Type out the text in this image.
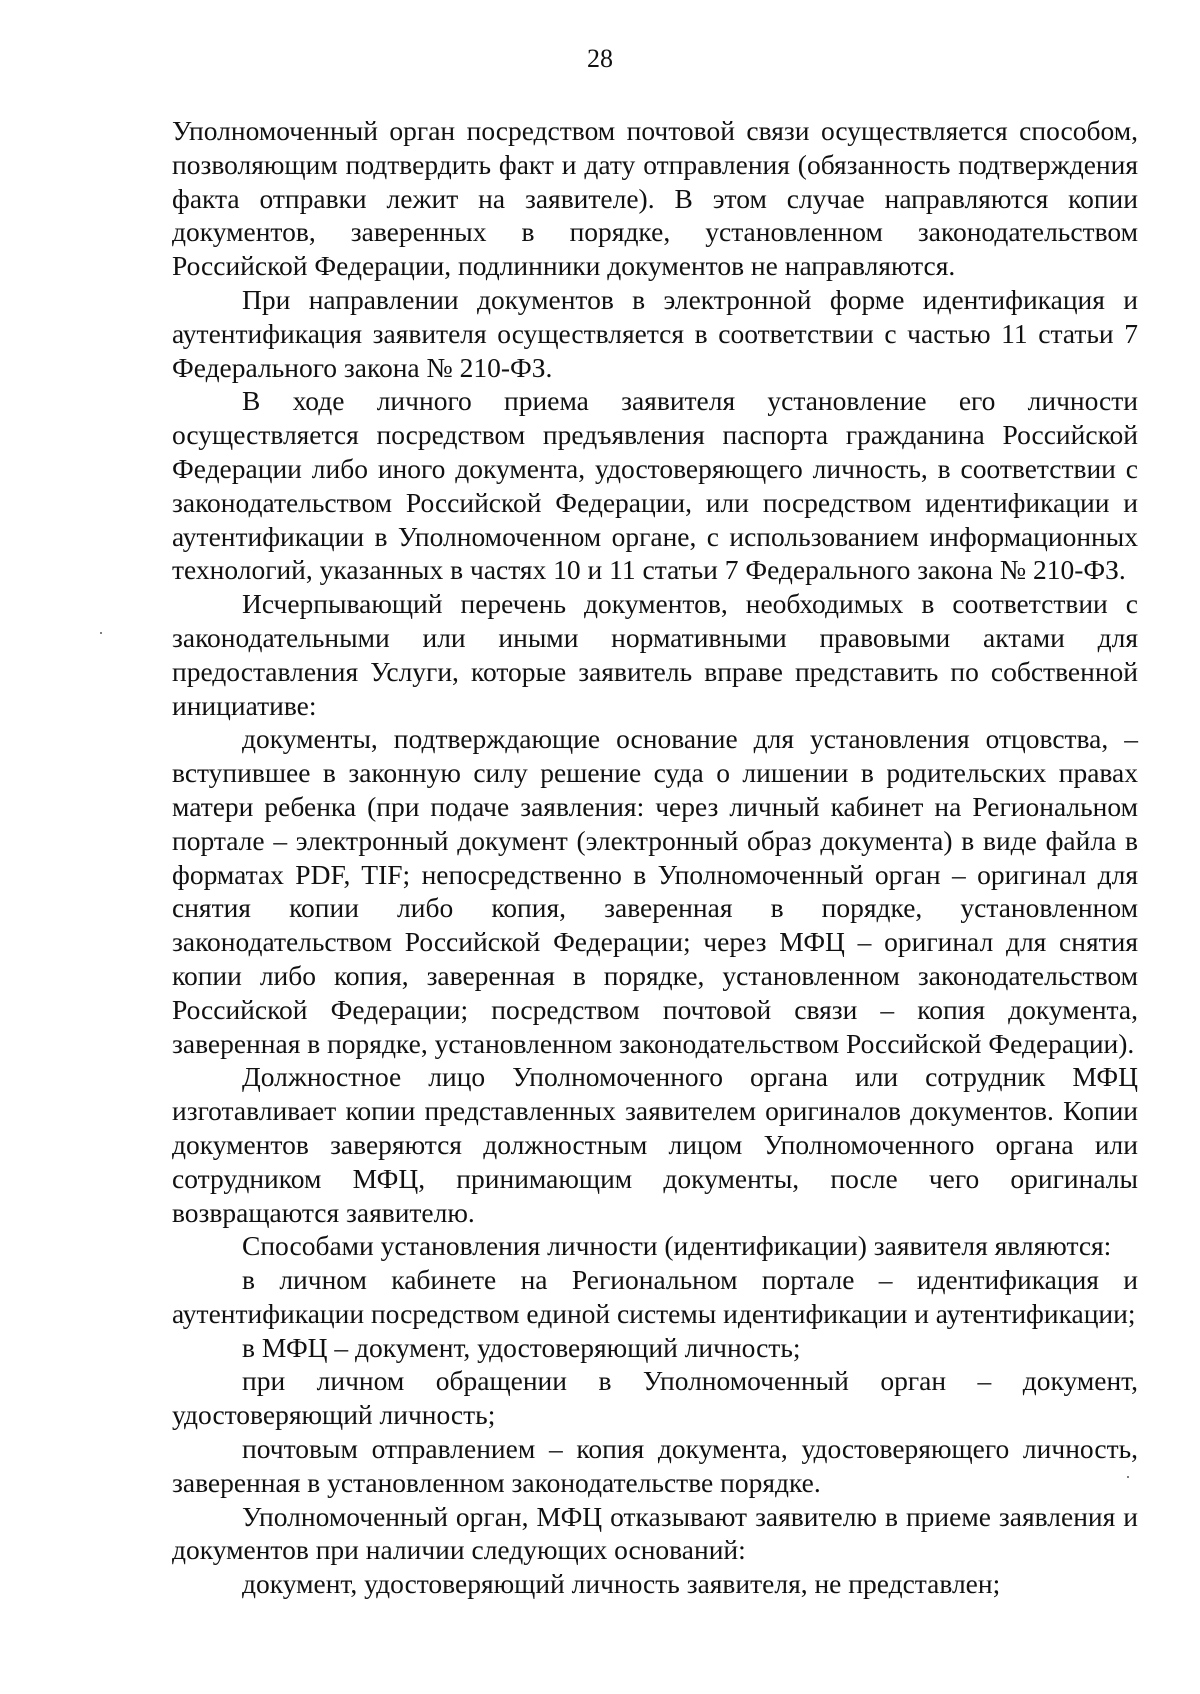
28

Уполномоченный орган посредством почтовой связи осуществляется способом, позволяющим подтвердить факт и дату отправления (обязанность подтверждения факта отправки лежит на заявителе). В этом случае направляются копии документов, заверенных в порядке, установленном законодательством Российской Федерации, подлинники документов не направляются.

При направлении документов в электронной форме идентификация и аутентификация заявителя осуществляется в соответствии с частью 11 статьи 7 Федерального закона № 210-ФЗ.

В ходе личного приема заявителя установление его личности осуществляется посредством предъявления паспорта гражданина Российской Федерации либо иного документа, удостоверяющего личность, в соответствии с законодательством Российской Федерации, или посредством идентификации и аутентификации в Уполномоченном органе, с использованием информационных технологий, указанных в частях 10 и 11 статьи 7 Федерального закона № 210-ФЗ.

Исчерпывающий перечень документов, необходимых в соответствии с законодательными или иными нормативными правовыми актами для предоставления Услуги, которые заявитель вправе представить по собственной инициативе:

документы, подтверждающие основание для установления отцовства, – вступившее в законную силу решение суда о лишении в родительских правах матери ребенка (при подаче заявления: через личный кабинет на Региональном портале – электронный документ (электронный образ документа) в виде файла в форматах PDF, TIF; непосредственно в Уполномоченный орган – оригинал для снятия копии либо копия, заверенная в порядке, установленном законодательством Российской Федерации; через МФЦ – оригинал для снятия копии либо копия, заверенная в порядке, установленном законодательством Российской Федерации; посредством почтовой связи – копия документа, заверенная в порядке, установленном законодательством Российской Федерации).

Должностное лицо Уполномоченного органа или сотрудник МФЦ изготавливает копии представленных заявителем оригиналов документов. Копии документов заверяются должностным лицом Уполномоченного органа или сотрудником МФЦ, принимающим документы, после чего оригиналы возвращаются заявителю.

Способами установления личности (идентификации) заявителя являются:

в личном кабинете на Региональном портале – идентификация и аутентификации посредством единой системы идентификации и аутентификации;

в МФЦ – документ, удостоверяющий личность;

при личном обращении в Уполномоченный орган – документ, удостоверяющий личность;

почтовым отправлением – копия документа, удостоверяющего личность, заверенная в установленном законодательстве порядке.

Уполномоченный орган, МФЦ отказывают заявителю в приеме заявления и документов при наличии следующих оснований:

документ, удостоверяющий личность заявителя, не представлен;
